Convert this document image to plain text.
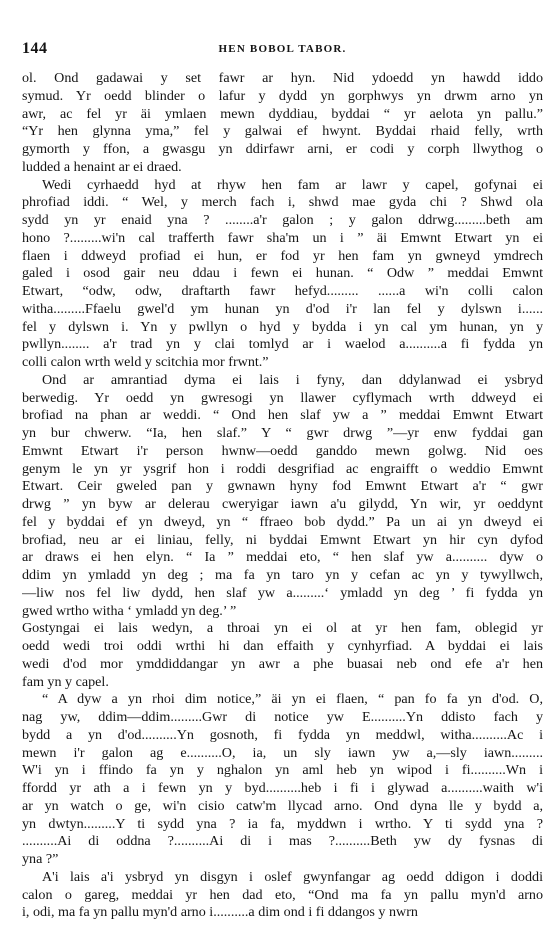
144	HEN BOBOL TABOR.

ol. Ond gadawai y set fawr ar hyn. Nid ydoedd yn hawdd iddo
symud. Yr oedd blinder o lafur y dydd yn gorphwys yn drwm arno yn
awr, ac fel yr äi ymlaen mewn dyddiau, byddai “ yr aelota yn pallu.”
“Yr hen glynna yma,” fel y galwai ef hwynt. Byddai rhaid felly, wrth
gymorth y ffon, a gwasgu yn ddirfawr arni, er codi y corph llwythog o
ludded a henaint ar ei draed.

Wedi cyrhaedd hyd at rhyw hen fam ar lawr y capel, gofynai ei
phrofiad iddi. “ Wel, y merch fach i, shwd mae gyda chi ? Shwd ola
sydd yn yr enaid yna ? ........a'r galon ; y galon ddrwg.........beth am
hono ?.........wi'n cal trafferth fawr sha'm un i ” äi Emwnt Etwart yn ei
flaen i ddweyd profiad ei hun, er fod yr hen fam yn gwneyd ymdrech
galed i osod gair neu ddau i fewn ei hunan. “ Odw ” meddai Emwnt
Etwart, “odw, odw, draftarth fawr hefyd......... ......a wi'n colli calon
witha.........Ffaelu gwel'd ym hunan yn d'od i'r lan fel y dylswn i......
fel y dylswn i. Yn y pwllyn o hyd y bydda i yn cal ym hunan, yn y
pwllyn........ a'r trad yn y clai tomlyd ar i waelod a..........a fi fydda yn
colli calon wrth weld y scitchia mor frwnt.”

Ond ar amrantiad dyma ei lais i fyny, dan ddylanwad ei ysbryd
berwedig. Yr oedd yn gwresogi yn llawer cyflymach wrth ddweyd ei
brofiad na phan ar weddi. “ Ond hen slaf yw a ” meddai Emwnt Etwart
yn bur chwerw. “Ia, hen slaf.” Y “ gwr drwg ”—yr enw fyddai gan
Emwnt Etwart i'r person hwnw—oedd ganddo mewn golwg. Nid oes
genym le yn yr ysgrif hon i roddi desgrifiad ac engraifft o weddio Emwnt
Etwart. Ceir gweled pan y gwnawn hyny fod Emwnt Etwart a'r “ gwr
drwg ” yn byw ar delerau cweryigar iawn a'u gilydd, Yn wir, yr oeddynt
fel y byddai ef yn dweyd, yn “ ffraeo bob dydd.” Pa un ai yn dweyd ei
brofiad, neu ar ei liniau, felly, ni byddai Emwnt Etwart yn hir cyn dyfod
ar draws ei hen elyn. “ Ia ” meddai eto, “ hen slaf yw a.......... dyw o
ddim yn ymladd yn deg ; ma fa yn taro yn y cefan ac yn y tywyllwch,
—liw nos fel liw dydd, hen slaf yw a.........‘ ymladd yn deg ’ fi fydda yn
gwed wrtho witha ‘ ymladd yn deg.’ ”

Gostyngai ei lais wedyn, a throai yn ei ol at yr hen fam, oblegid yr
oedd wedi troi oddi wrthi hi dan effaith y cynhyrfiad. A byddai ei lais
wedi d'od mor ymddiddangar yn awr a phe buasai neb ond efe a'r hen
fam yn y capel.

“ A dyw a yn rhoi dim notice,” äi yn ei flaen, “ pan fo fa yn d'od. O,
nag yw, ddim—ddim.........Gwr di notice yw E..........Yn ddisto fach y
bydd a yn d'od..........Yn gosnoth, fi fydda yn meddwl, witha..........Ac i
mewn i'r galon ag e..........O, ia, un sly iawn yw a,—sly iawn.........
W'i yn i ffindo fa yn y nghalon yn aml heb yn wipod i fi..........Wn i
ffordd yr ath a i fewn yn y byd..........heb i fi i glywad a..........waith w'i
ar yn watch o ge, wi'n cisio catw'm llycad arno. Ond dyna lle y bydd a,
yn dwtyn.........Y ti sydd yna ? ia fa, myddwn i wrtho. Y ti sydd yna ?
..........Ai di oddna ?..........Ai di i mas ?..........Beth yw dy fysnas di
yna ?”

A'i lais a'i ysbryd yn disgyn i oslef gwynfangar ag oedd ddigon i doddi
calon o gareg, meddai yr hen dad eto, “Ond ma fa yn pallu myn'd arno
i, odi, ma fa yn pallu myn'd arno i..........a dim ond i fi ddangos y nwrn
